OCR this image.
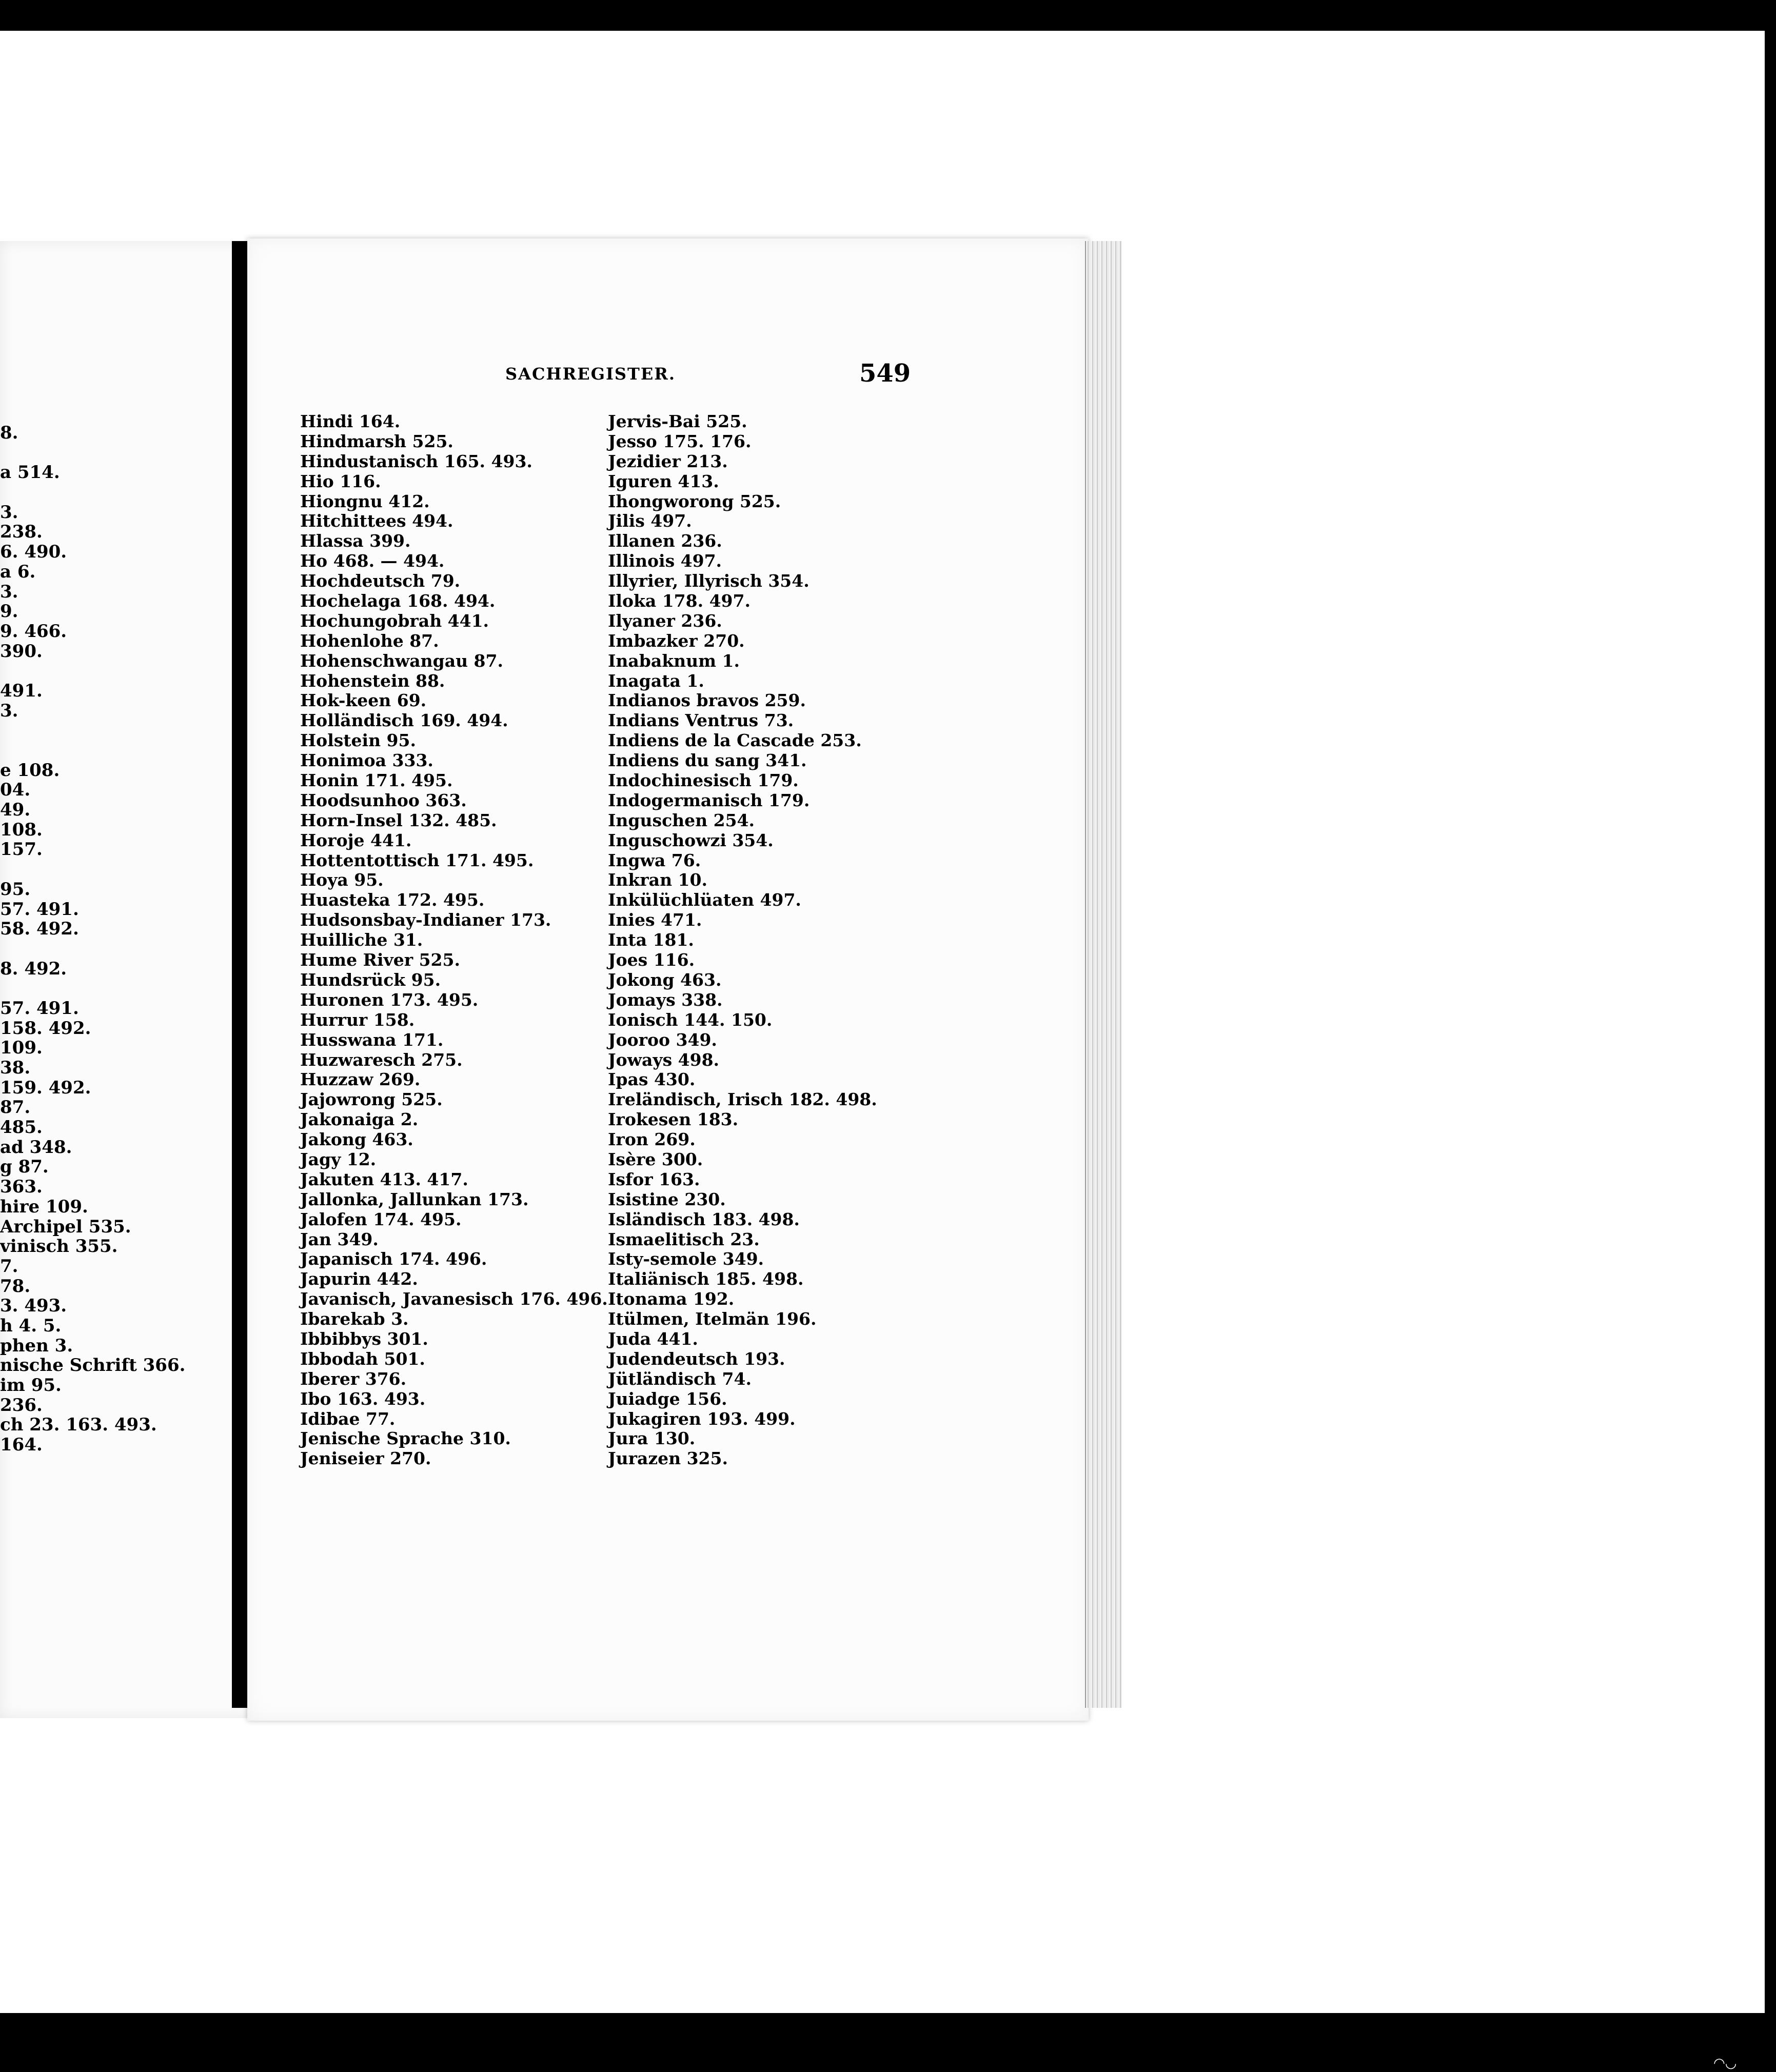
8.
a 514.
3.
238.
6. 490.
a 6.
3.
9.
9. 466.
390.
491.
3.
e 108.
04.
49.
108.
157.
95.
57. 491.
58. 492.
8. 492.
57. 491.
158. 492.
109.
38.
159. 492.
87.
485.
ad 348.
g 87.
363.
hire 109.
Archipel 535.
vinisch 355.
7.
78.
3. 493.
h 4. 5.
phen 3.
nische Schrift 366.
im 95.
236.
ch 23. 163. 493.
164.
SACHREGISTER.	549
Hindi 164.
Hindmarsh 525.
Hindustanisch 165. 493.
Hio 116.
Hiongnu 412.
Hitchittees 494.
Hlassa 399.
Ho 468. — 494.
Hochdeutsch 79.
Hochelaga 168. 494.
Hochungobrah 441.
Hohenlohe 87.
Hohenschwangau 87.
Hohenstein 88.
Hok-keen 69.
Holländisch 169. 494.
Holstein 95.
Honimoa 333.
Honin 171. 495.
Hoodsunhoo 363.
Horn-Insel 132. 485.
Horoje 441.
Hottentottisch 171. 495.
Hoya 95.
Huasteka 172. 495.
Hudsonsbay-Indianer 173.
Huilliche 31.
Hume River 525.
Hundsrück 95.
Huronen 173. 495.
Hurrur 158.
Husswana 171.
Huzwaresch 275.
Huzzaw 269.
Jajowrong 525.
Jakonaiga 2.
Jakong 463.
Jagy 12.
Jakuten 413. 417.
Jallonka, Jallunkan 173.
Jalofen 174. 495.
Jan 349.
Japanisch 174. 496.
Japurin 442.
Javanisch, Javanesisch 176. 496.
Ibarekab 3.
Ibbibbys 301.
Ibbodah 501.
Iberer 376.
Ibo 163. 493.
Idibae 77.
Jenische Sprache 310.
Jeniseier 270.
Jervis-Bai 525.
Jesso 175. 176.
Jezidier 213.
Iguren 413.
Ihongworong 525.
Jilis 497.
Illanen 236.
Illinois 497.
Illyrier, Illyrisch 354.
Iloka 178. 497.
Ilyaner 236.
Imbazker 270.
Inabaknum 1.
Inagata 1.
Indianos bravos 259.
Indians Ventrus 73.
Indiens de la Cascade 253.
Indiens du sang 341.
Indochinesisch 179.
Indogermanisch 179.
Inguschen 254.
Inguschowzi 354.
Ingwa 76.
Inkran 10.
Inkülüchlüaten 497.
Inies 471.
Inta 181.
Joes 116.
Jokong 463.
Jomays 338.
Ionisch 144. 150.
Jooroo 349.
Joways 498.
Ipas 430.
Ireländisch, Irisch 182. 498.
Irokesen 183.
Iron 269.
Isère 300.
Isfor 163.
Isistine 230.
Isländisch 183. 498.
Ismaelitisch 23.
Isty-semole 349.
Italiänisch 185. 498.
Itonama 192.
Itülmen, Itelmän 196.
Juda 441.
Judendeutsch 193.
Jütländisch 74.
Juiadge 156.
Jukagiren 193. 499.
Jura 130.
Jurazen 325.
◠◡
